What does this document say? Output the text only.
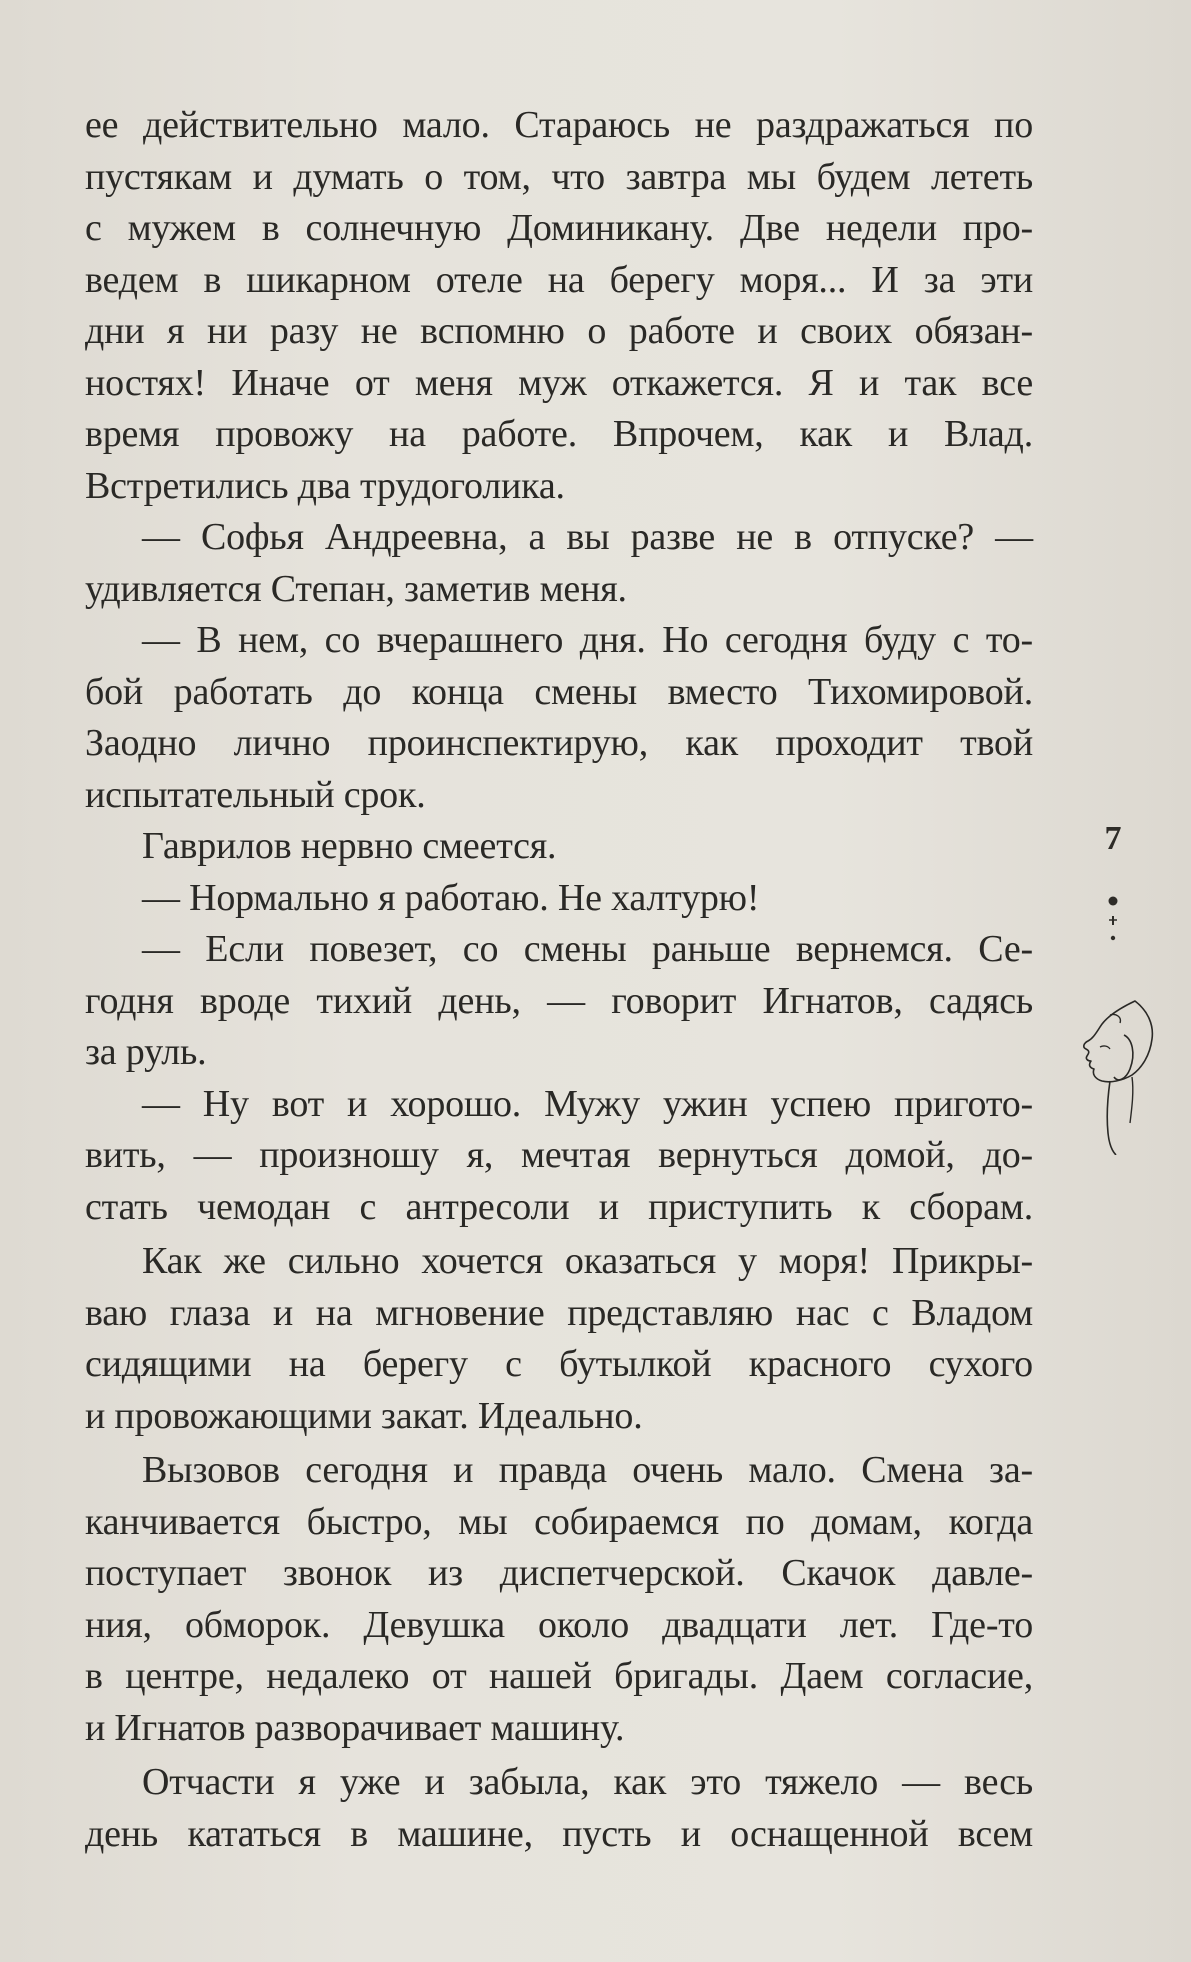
ее действительно мало. Стараюсь не раздражаться по
пустякам и думать о том, что завтра мы будем лететь
с мужем в солнечную Доминикану. Две недели про-
ведем в шикарном отеле на берегу моря... И за эти
дни я ни разу не вспомню о работе и своих обязан-
ностях! Иначе от меня муж откажется. Я и так все
время провожу на работе. Впрочем, как и Влад.
Встретились два трудоголика.
— Софья Андреевна, а вы разве не в отпуске? —
удивляется Степан, заметив меня.
— В нем, со вчерашнего дня. Но сегодня буду с то-
бой работать до конца смены вместо Тихомировой.
Заодно лично проинспектирую, как проходит твой
испытательный срок.
Гаврилов нервно смеется.
— Нормально я работаю. Не халтурю!
— Если повезет, со смены раньше вернемся. Се-
годня вроде тихий день, — говорит Игнатов, садясь
за руль.
— Ну вот и хорошо. Мужу ужин успею пригото-
вить, — произношу я, мечтая вернуться домой, до-
стать чемодан с антресоли и приступить к сборам.
Как же сильно хочется оказаться у моря! Прикры-
ваю глаза и на мгновение представляю нас с Владом
сидящими на берегу с бутылкой красного сухого
и провожающими закат. Идеально.
Вызовов сегодня и правда очень мало. Смена за-
канчивается быстро, мы собираемся по домам, когда
поступает звонок из диспетчерской. Скачок давле-
ния, обморок. Девушка около двадцати лет. Где-то
в центре, недалеко от нашей бригады. Даем согласие,
и Игнатов разворачивает машину.
Отчасти я уже и забыла, как это тяжело — весь
день кататься в машине, пусть и оснащенной всем
7
